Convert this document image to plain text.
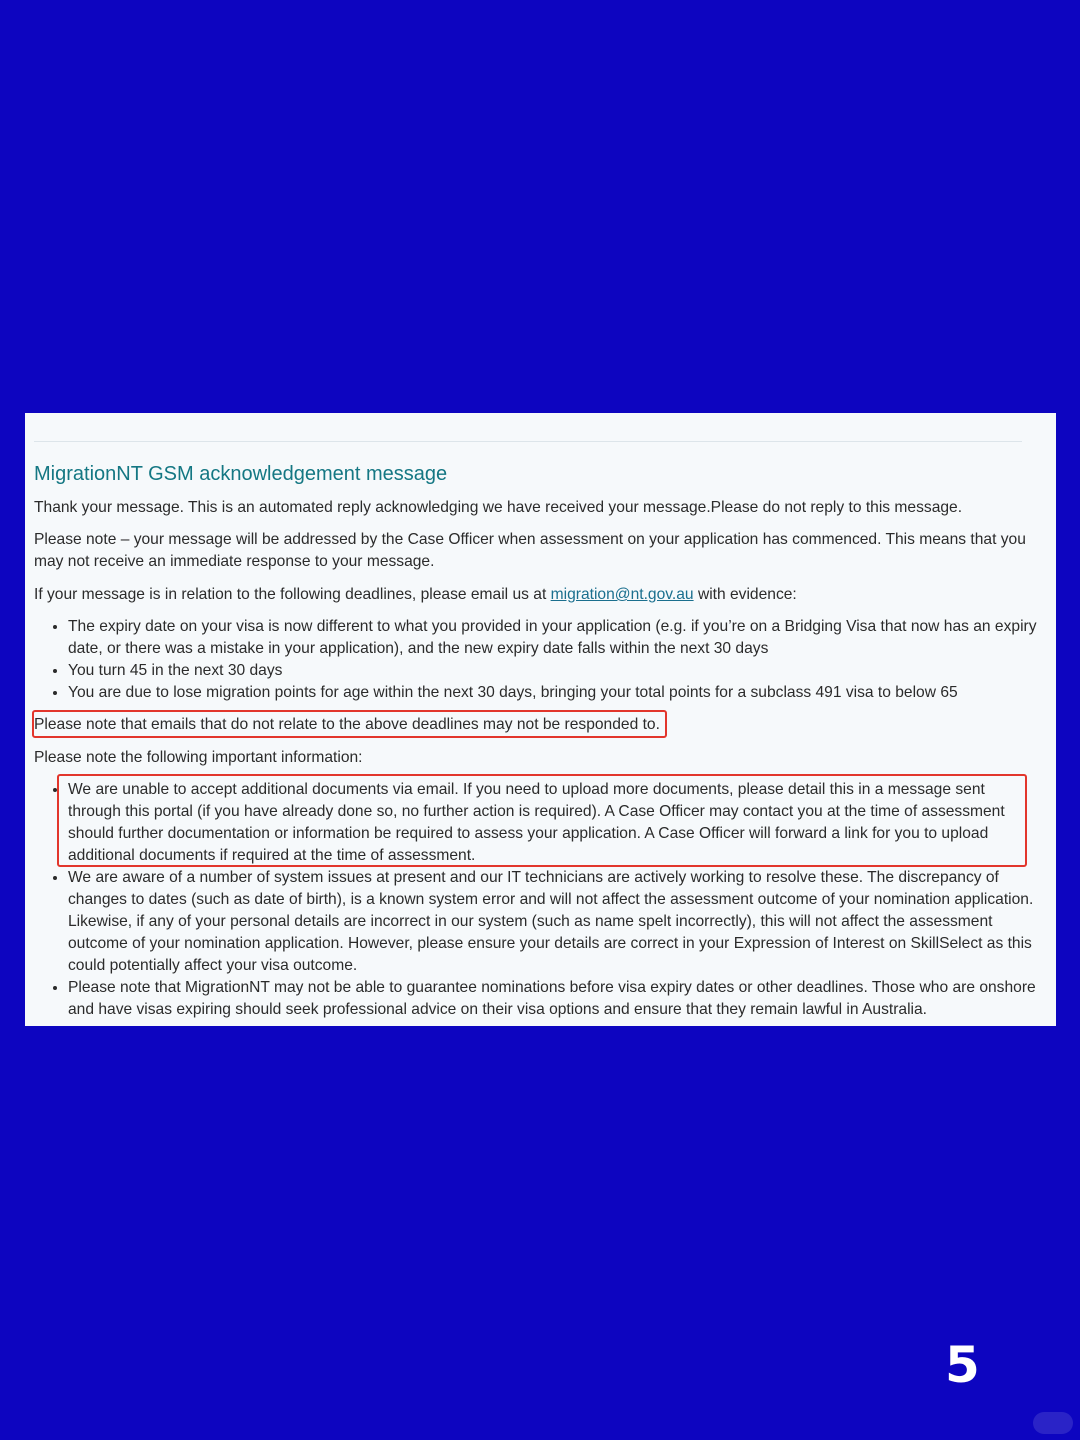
MigrationNT GSM acknowledgement message

Thank your message. This is an automated reply acknowledging we have received your message.Please do not reply to this message.

Please note – your message will be addressed by the Case Officer when assessment on your application has commenced. This means that you may not receive an immediate response to your message.

If your message is in relation to the following deadlines, please email us at migration@nt.gov.au with evidence:

• The expiry date on your visa is now different to what you provided in your application (e.g. if you’re on a Bridging Visa that now has an expiry date, or there was a mistake in your application), and the new expiry date falls within the next 30 days
• You turn 45 in the next 30 days
• You are due to lose migration points for age within the next 30 days, bringing your total points for a subclass 491 visa to below 65

Please note that emails that do not relate to the above deadlines may not be responded to.

Please note the following important information:

• We are unable to accept additional documents via email. If you need to upload more documents, please detail this in a message sent through this portal (if you have already done so, no further action is required). A Case Officer may contact you at the time of assessment should further documentation or information be required to assess your application. A Case Officer will forward a link for you to upload additional documents if required at the time of assessment.
• We are aware of a number of system issues at present and our IT technicians are actively working to resolve these. The discrepancy of changes to dates (such as date of birth), is a known system error and will not affect the assessment outcome of your nomination application. Likewise, if any of your personal details are incorrect in our system (such as name spelt incorrectly), this will not affect the assessment outcome of your nomination application. However, please ensure your details are correct in your Expression of Interest on SkillSelect as this could potentially affect your visa outcome.
• Please note that MigrationNT may not be able to guarantee nominations before visa expiry dates or other deadlines. Those who are onshore and have visas expiring should seek professional advice on their visa options and ensure that they remain lawful in Australia.
5
